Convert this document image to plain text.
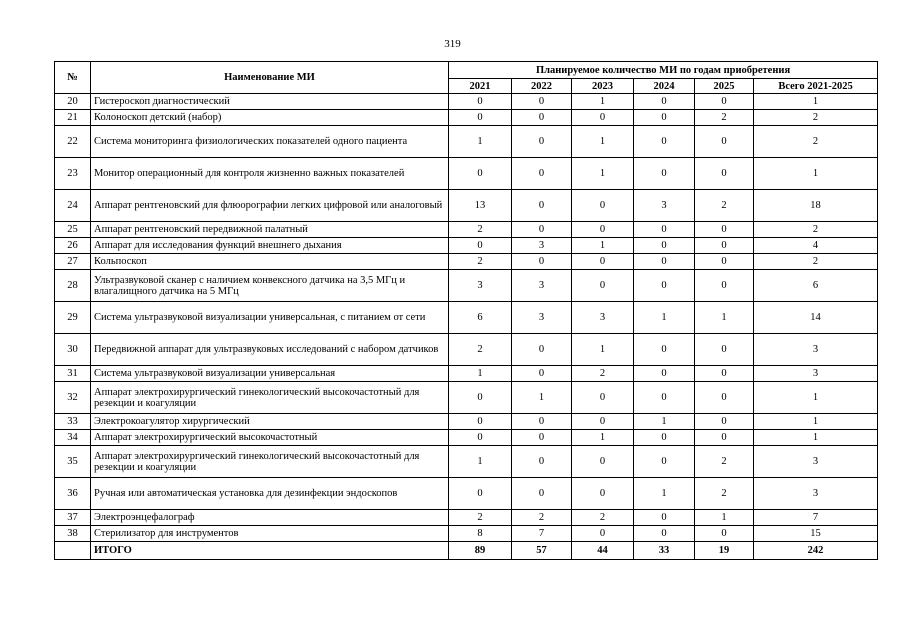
319
№	Наименование МИ	Планируемое количество МИ по годам приобретения					
		2021	2022	2023	2024	2025	Всего 2021-2025
20	Гистероскоп диагностический	0	0	1	0	0	1
21	Колоноскоп детский (набор)	0	0	0	0	2	2
22	Система мониторинга физиологических показателей одного пациента	1	0	1	0	0	2
23	Монитор операционный для контроля жизненно важных показателей	0	0	1	0	0	1
24	Аппарат рентгеновский для флюорографии легких цифровой или аналоговый	13	0	0	3	2	18
25	Аппарат рентгеновский передвижной палатный	2	0	0	0	0	2
26	Аппарат для исследования функций внешнего дыхания	0	3	1	0	0	4
27	Кольпоскоп	2	0	0	0	0	2
28	Ультразвуковой сканер с наличием конвексного датчика на 3,5 МГц и влагалищного датчика на 5 МГц	3	3	0	0	0	6
29	Система ультразвуковой визуализации универсальная, с питанием от сети	6	3	3	1	1	14
30	Передвижной аппарат для ультразвуковых исследований с набором датчиков	2	0	1	0	0	3
31	Система ультразвуковой визуализации универсальная	1	0	2	0	0	3
32	Аппарат электрохирургический гинекологический высокочастотный для резекции и коагуляции	0	1	0	0	0	1
33	Электрокоагулятор хирургический	0	0	0	1	0	1
34	Аппарат электрохирургический высокочастотный	0	0	1	0	0	1
35	Аппарат электрохирургический гинекологический высокочастотный для резекции и коагуляции	1	0	0	0	2	3
36	Ручная или автоматическая установка для дезинфекции эндоскопов	0	0	0	1	2	3
37	Электроэнцефалограф	2	2	2	0	1	7
38	Стерилизатор для инструментов	8	7	0	0	0	15
	ИТОГО	89	57	44	33	19	242
